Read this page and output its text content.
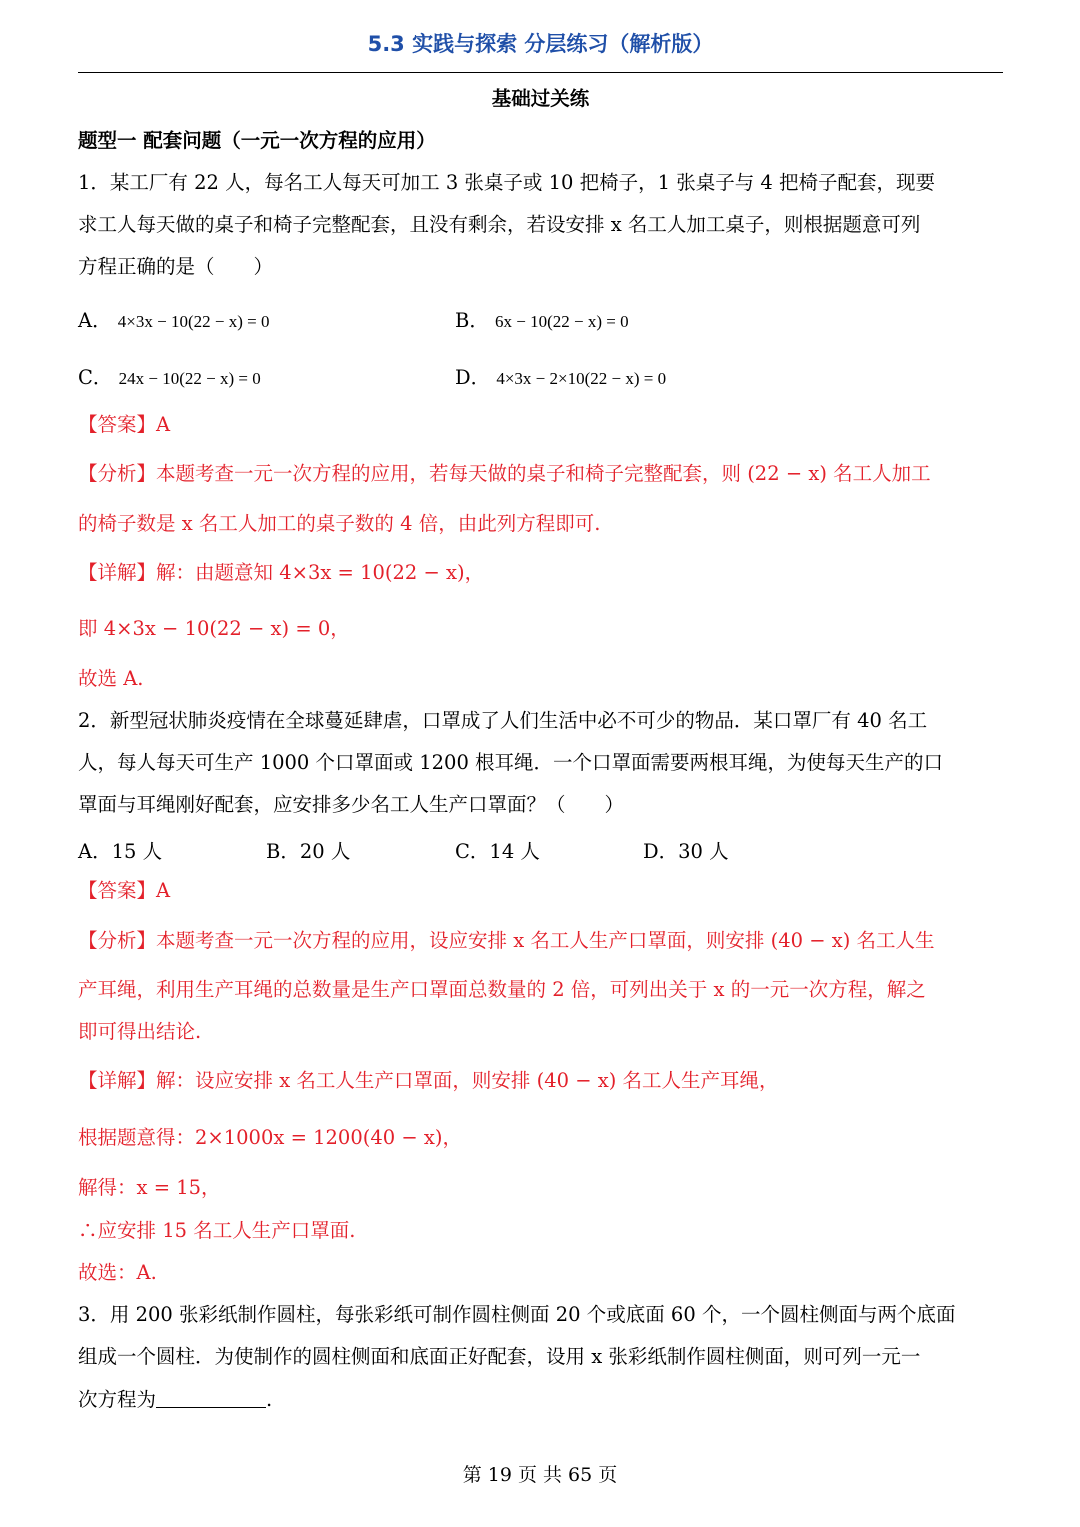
5.3 实践与探索 分层练习（解析版）
基础过关练
题型一 配套问题（一元一次方程的应用）
1．某工厂有 22 人，每名工人每天可加工 3 张桌子或 10 把椅子，1 张桌子与 4 把椅子配套，现要
求工人每天做的桌子和椅子完整配套，且没有剩余，若设安排 x 名工人加工桌子，则根据题意可列
方程正确的是（　　）
A． 4×3x − 10(22 − x) = 0	B． 6x − 10(22 − x) = 0
C． 24x − 10(22 − x) = 0	D． 4×3x − 2×10(22 − x) = 0
【答案】A
【分析】本题考查一元一次方程的应用，若每天做的桌子和椅子完整配套，则 (22 − x) 名工人加工
的椅子数是 x 名工人加工的桌子数的 4 倍，由此列方程即可.
【详解】解：由题意知 4×3x = 10(22 − x)，
即 4×3x − 10(22 − x) = 0，
故选 A.
2．新型冠状肺炎疫情在全球蔓延肆虐，口罩成了人们生活中必不可少的物品．某口罩厂有 40 名工
人，每人每天可生产 1000 个口罩面或 1200 根耳绳．一个口罩面需要两根耳绳，为使每天生产的口
罩面与耳绳刚好配套，应安排多少名工人生产口罩面？（　　）
A．15 人	B．20 人	C．14 人	D．30 人
【答案】A
【分析】本题考查一元一次方程的应用，设应安排 x 名工人生产口罩面，则安排 (40 − x) 名工人生
产耳绳，利用生产耳绳的总数量是生产口罩面总数量的 2 倍，可列出关于 x 的一元一次方程，解之
即可得出结论.
【详解】解：设应安排 x 名工人生产口罩面，则安排 (40 − x) 名工人生产耳绳，
根据题意得：2×1000x = 1200(40 − x)，
解得：x = 15，
∴应安排 15 名工人生产口罩面.
故选：A.
3．用 200 张彩纸制作圆柱，每张彩纸可制作圆柱侧面 20 个或底面 60 个，一个圆柱侧面与两个底面
组成一个圆柱．为使制作的圆柱侧面和底面正好配套，设用 x 张彩纸制作圆柱侧面，则可列一元一
次方程为	.
第 19 页 共 65 页
